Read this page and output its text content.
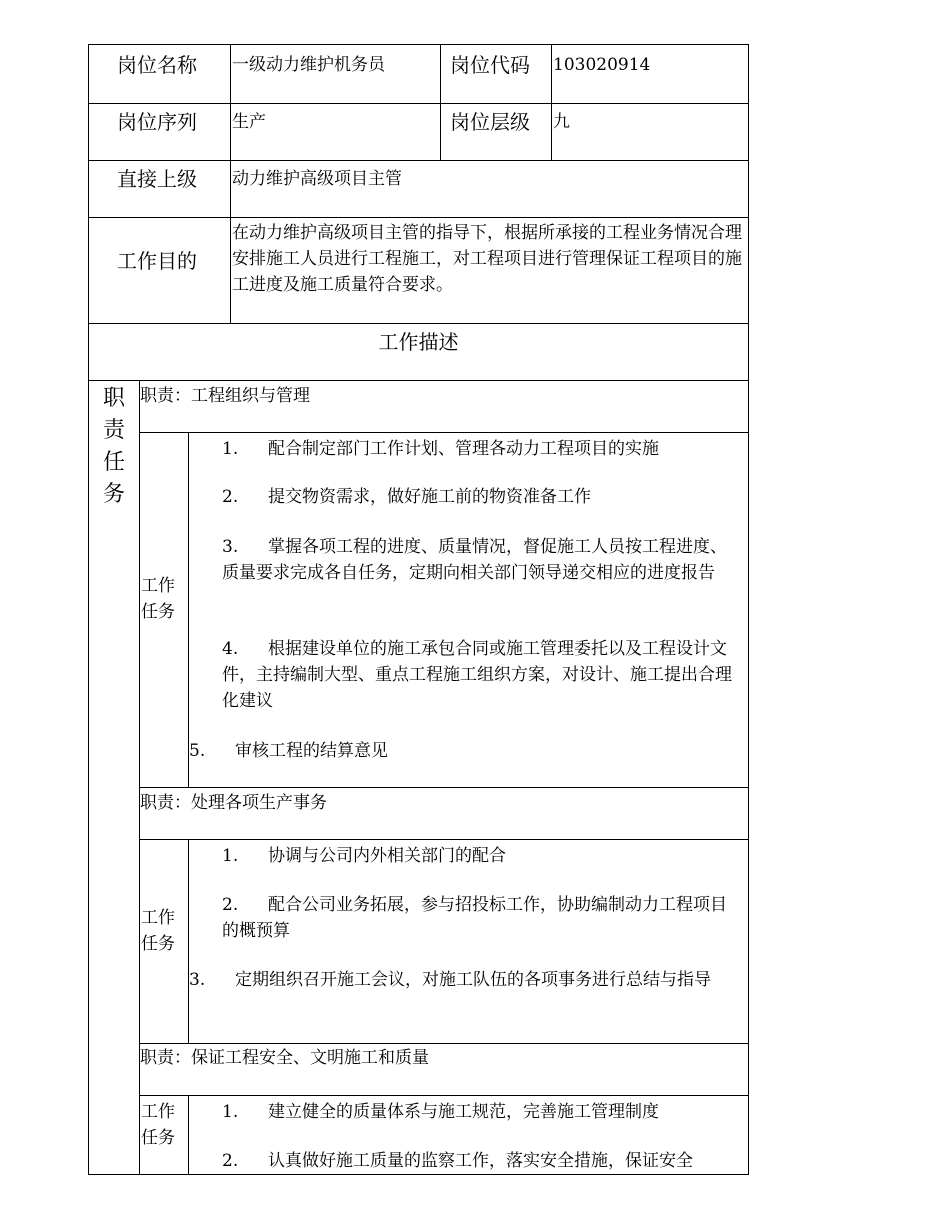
岗位名称 一级动力维护机务员	岗位代码 103020914
岗位序列 生产	岗位层级 九
直接上级 动力维护高级项目主管
工作目的
在动力维护高级项目主管的指导下，根据所承接的工程业务情况合理安排施工人员进行工程施工，对工程项目进行管理保证工程项目的施工进度及施工质量符合要求。
工作描述
职责任务
职责：工程组织与管理
工作任务
1. 配合制定部门工作计划、管理各动力工程项目的实施
2. 提交物资需求，做好施工前的物资准备工作
3. 掌握各项工程的进度、质量情况，督促施工人员按工程进度、质量要求完成各自任务，定期向相关部门领导递交相应的进度报告
4. 根据建设单位的施工承包合同或施工管理委托以及工程设计文件，主持编制大型、重点工程施工组织方案，对设计、施工提出合理化建议
5. 审核工程的结算意见
职责：处理各项生产事务
工作任务
1. 协调与公司内外相关部门的配合
2. 配合公司业务拓展，参与招投标工作，协助编制动力工程项目的概预算
3. 定期组织召开施工会议，对施工队伍的各项事务进行总结与指导
职责：保证工程安全、文明施工和质量
工作任务
1. 建立健全的质量体系与施工规范，完善施工管理制度
2. 认真做好施工质量的监察工作，落实安全措施，保证安全
